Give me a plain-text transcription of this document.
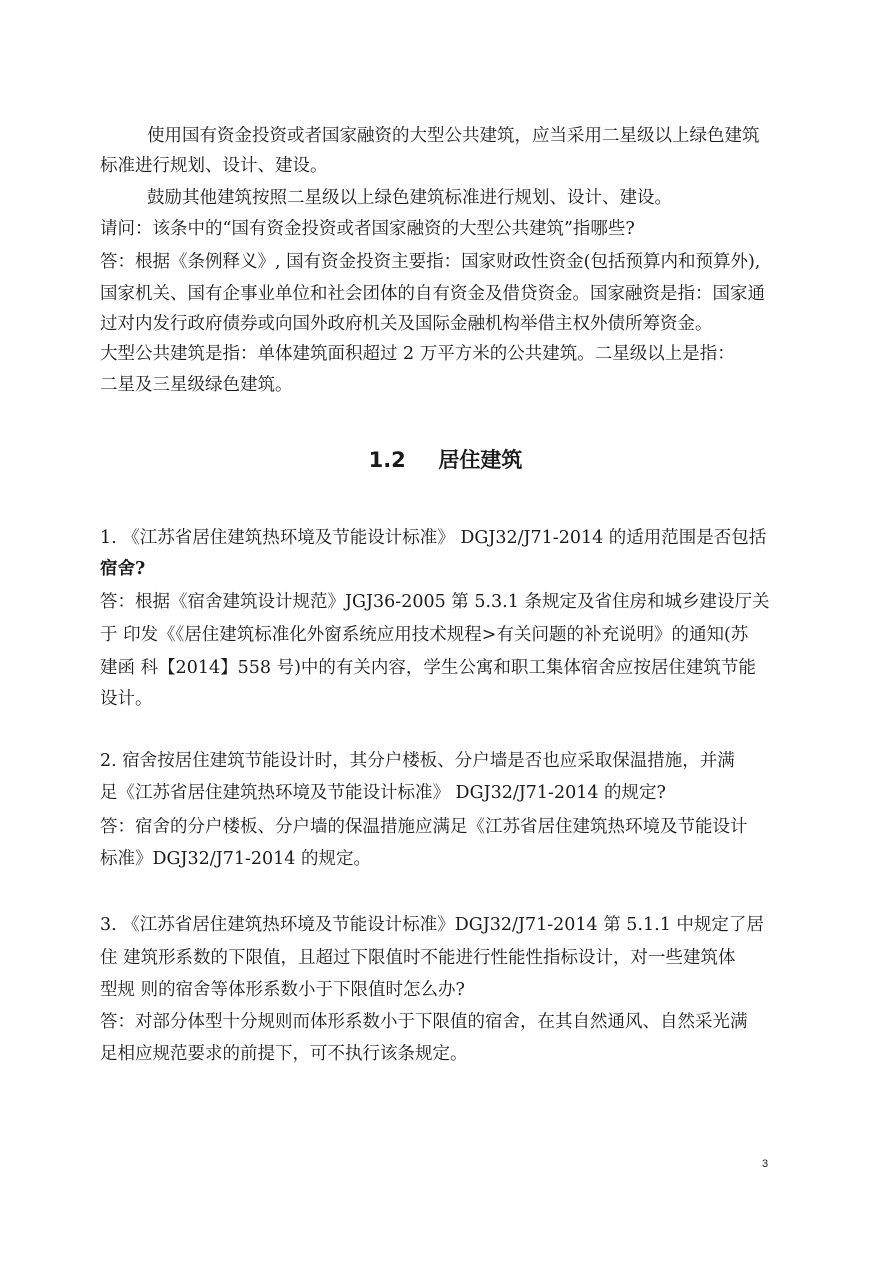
使用国有资金投资或者国家融资的大型公共建筑，应当采用二星级以上绿色建筑
标准进行规划、设计、建设。
鼓励其他建筑按照二星级以上绿色建筑标准进行规划、设计、建设。
请问：该条中的“国有资金投资或者国家融资的大型公共建筑”指哪些?
答：根据《条例释义》, 国有资金投资主要指：国家财政性资金(包括预算内和预算外),
国家机关、国有企事业单位和社会团体的自有资金及借贷资金。国家融资是指：国家通
过对内发行政府债券或向国外政府机关及国际金融机构举借主权外债所筹资金。
大型公共建筑是指：单体建筑面积超过 2 万平方米的公共建筑。二星级以上是指：
二星及三星级绿色建筑。
1.2 居住建筑
1. 《江苏省居住建筑热环境及节能设计标准》 DGJ32/J71-2014 的适用范围是否包括
宿舍?
答：根据《宿舍建筑设计规范》JGJ36-2005 第 5.3.1 条规定及省住房和城乡建设厅关
于 印发《《居住建筑标准化外窗系统应用技术规程>有关问题的补充说明》的通知(苏
建函 科【2014】558 号)中的有关内容，学生公寓和职工集体宿舍应按居住建筑节能
设计。
2. 宿舍按居住建筑节能设计时，其分户楼板、分户墙是否也应采取保温措施，并满
足《江苏省居住建筑热环境及节能设计标准》 DGJ32/J71-2014 的规定?
答：宿舍的分户楼板、分户墙的保温措施应满足《江苏省居住建筑热环境及节能设计
标准》DGJ32/J71-2014 的规定。
3. 《江苏省居住建筑热环境及节能设计标准》DGJ32/J71-2014 第 5.1.1 中规定了居
住 建筑形系数的下限值，且超过下限值时不能进行性能性指标设计，对一些建筑体
型规 则的宿舍等体形系数小于下限值时怎么办?
答：对部分体型十分规则而体形系数小于下限值的宿舍，在其自然通风、自然采光满
足相应规范要求的前提下，可不执行该条规定。
3
